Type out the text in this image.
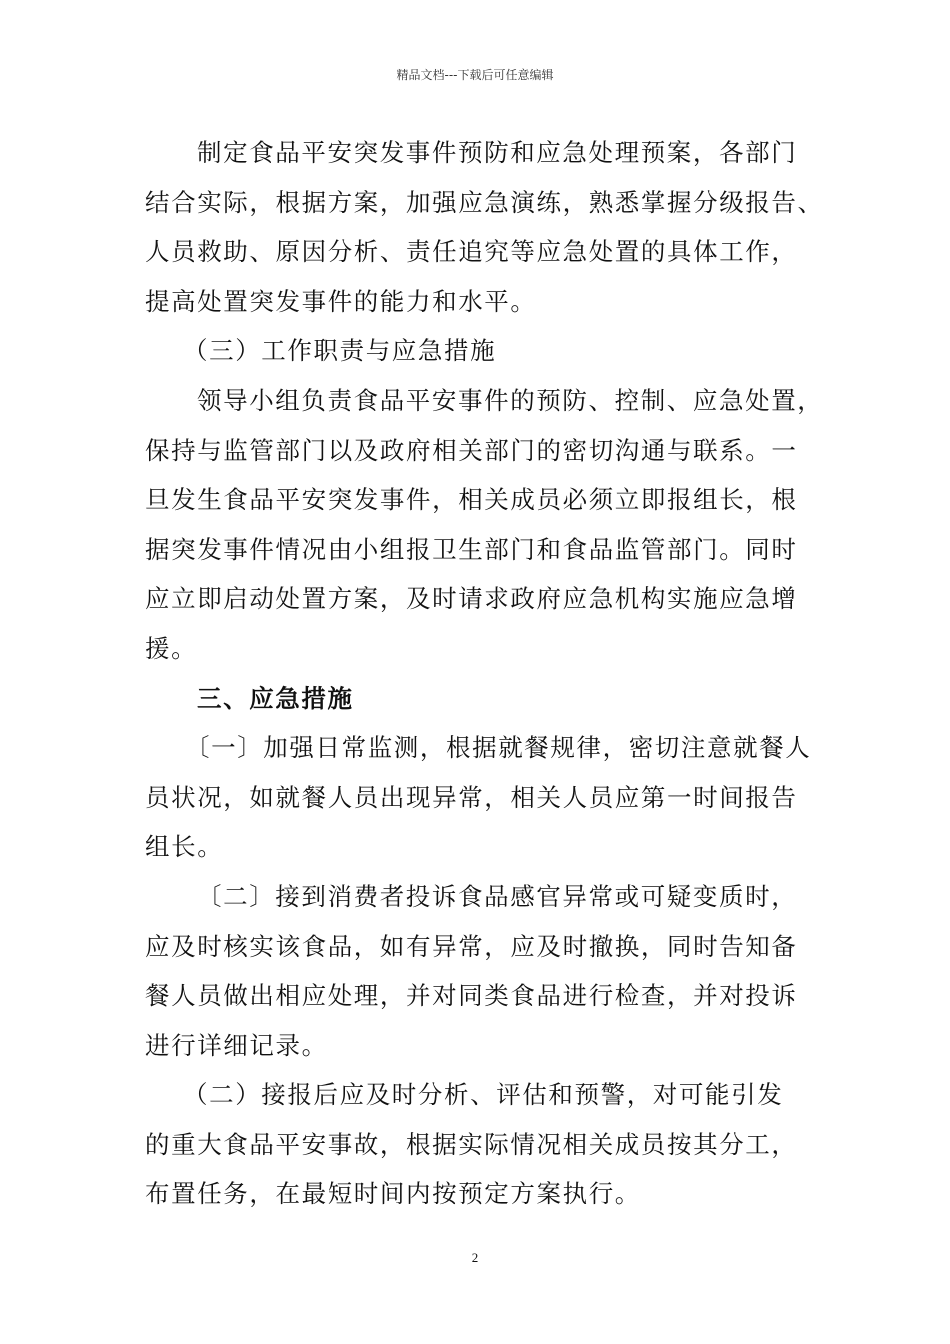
精品文档---下载后可任意编辑
制定食品平安突发事件预防和应急处理预案，各部门
结合实际，根据方案，加强应急演练，熟悉掌握分级报告、
人员救助、原因分析、责任追究等应急处置的具体工作，
提高处置突发事件的能力和水平。
（三）工作职责与应急措施
领导小组负责食品平安事件的预防、控制、应急处置，
保持与监管部门以及政府相关部门的密切沟通与联系。一
旦发生食品平安突发事件，相关成员必须立即报组长，根
据突发事件情况由小组报卫生部门和食品监管部门。同时
应立即启动处置方案，及时请求政府应急机构实施应急增
援。
三、应急措施
〔一〕加强日常监测，根据就餐规律，密切注意就餐人
员状况，如就餐人员出现异常，相关人员应第一时间报告
组长。
〔二〕接到消费者投诉食品感官异常或可疑变质时，
应及时核实该食品，如有异常，应及时撤换，同时告知备
餐人员做出相应处理，并对同类食品进行检查，并对投诉
进行详细记录。
（二）接报后应及时分析、评估和预警，对可能引发
的重大食品平安事故，根据实际情况相关成员按其分工，
布置任务，在最短时间内按预定方案执行。
2
